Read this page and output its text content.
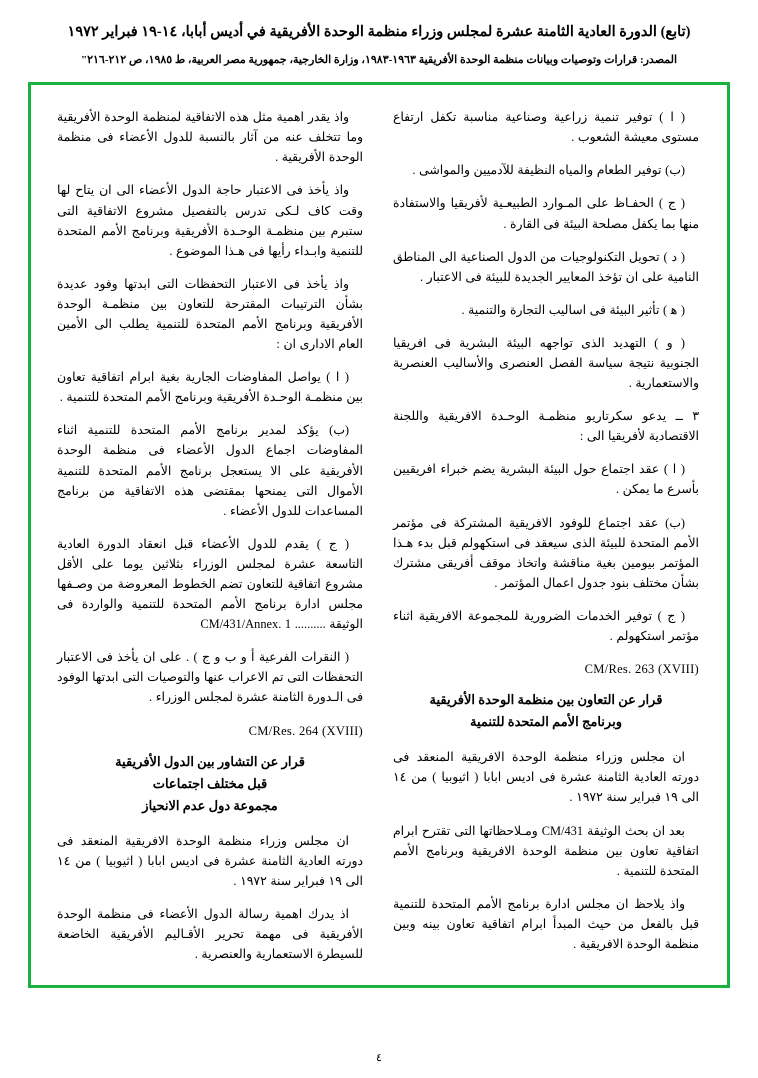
(تابع) الدورة العادية الثامنة عشرة لمجلس وزراء منظمة الوحدة الأفريقية في أديس أبابا، ١٤-١٩ فبراير ١٩٧٢
المصدر: قرارات وتوصيات وبيانات منظمة الوحدة الأفريقية ١٩٦٣-١٩٨٣، وزارة الخارجية، جمهورية مصر العربية، ط ١٩٨٥، ص ٢١٢-٢١٦"

( ا ) توفير تنمية زراعية وصناعية مناسبة تكفل ارتفاع مستوى معيشة الشعوب .

(ب) توفير الطعام والمياه النظيفة للآدميين والمواشى .

( ج ) الحفـاظ على المـوارد الطبيعـية لأفريقيا والاستفادة منها بما يكفل مصلحة البيئة فى القارة .

( د ) تحويل التكنولوجيات من الدول الصناعية الى المناطق النامية على ان تؤخذ المعايير الجديدة للبيئة فى الاعتبار .

( ﻫ ) تأثير البيئة فى اساليب التجارة والتنمية .

( و ) التهديد الذى تواجهه البيئة البشرية فى افريقيا الجنوبية نتيجة سياسة الفصل العنصرى والأساليب العنصرية والاستعمارية .

٣ ــ يدعو سكرتاريو منظمـة الوحـدة الافريقية واللجنة الاقتصادية لأفريقيا الى :

( ا ) عقد اجتماع حول البيئة البشرية يضم خبراء افريقيين بأسرع ما يمكن .

(ب) عقد اجتماع للوفود الافريقية المشتركة فى مؤتمر الأمم المتحدة للبيئة الذى سيعقد فى استكهولم قبل بدء هـذا المؤتمر بيومين بغية مناقشة واتخاذ موقف أفريقى مشترك بشأن مختلف بنود جدول اعمال المؤتمر .

( ج ) توفير الخدمات الضرورية للمجموعة الافريقية اثناء مؤتمر استكهولم .

CM/Res. 263 (XVIII)
قرار عن التعاون بين منظمة الوحدة الأفريقية
وبرنامج الأمم المتحدة للتنمية

ان مجلس وزراء منظمة الوحدة الافريقية المنعقد فى دورته العادية الثامنة عشرة فى اديس ابابا ( اثيوبيا ) من ١٤ الى ١٩ فبراير سنة ١٩٧٢ .

بعد ان بحث الوثيقة CM/431 ومـلاحظاتها التى تقترح ابرام اتفاقية تعاون بين منظمة الوحدة الافريقية وبرنامج الأمم المتحدة للتنمية .

واذ يلاحظ ان مجلس ادارة برنامج الأمم المتحدة للتنمية قبل بالفعل من حيث المبدأ ابرام اتفاقية تعاون بينه وبين منظمة الوحدة الافريقية .

واذ يقدر اهمية مثل هذه الاتفاقية لمنظمة الوحدة الأفريقية وما تتخلف عنه من آثار بالنسبة للدول الأعضاء فى منظمة الوحدة الأفريقية .

واذ يأخذ فى الاعتبار حاجة الدول الأعضاء الى ان يتاح لها وقت كاف لـكى تدرس بالتفصيل مشروع الاتفاقية التى ستبرم بين منظمـة الوحـدة الأفريقية وبرنامج الأمم المتحدة للتنمية وابـداء رأيها فى هـذا الموضوع .

واذ يأخذ فى الاعتبار التحفظات التى ابدتها وفود عديدة بشأن الترتيبات المقترحة للتعاون بين منظمـة الوحدة الأفريقية وبرنامج الأمم المتحدة للتنمية يطلب الى الأمين العام الادارى ان :

( ا ) يواصل المفاوضات الجارية بغية ابرام اتفاقية تعاون بين منظمـة الوحـدة الأفريقية وبرنامج الأمم المتحدة للتنمية .

(ب) يؤكد لمدير برنامج الأمم المتحدة للتنمية اثناء المفاوضات اجماع الدول الأعضاء فى منظمة الوحدة الأفريقية على الا يستعجل برنامج الأمم المتحدة للتنمية الأموال التى يمنحها بمقتضى هذه الاتفاقية من برنامج المساعدات للدول الأعضاء .

( ج ) يقدم للدول الأعضاء قبل انعقاد الدورة العادية التاسعة عشرة لمجلس الوزراء بثلاثين يوما على الأقل مشروع اتفاقية للتعاون تضم الخطوط المعروضة من وصـفها مجلس ادارة برنامج الأمم المتحدة للتنمية والواردة فى الوثيقة .......... CM/431/Annex. 1

( النقرات الفرعية أ و ب و ج ) . على ان يأخذ فى الاعتبار التحفظات التى تم الاعراب عنها والتوصيات التى ابدتها الوفود فى الـدورة الثامنة عشرة لمجلس الوزراء .

CM/Res. 264 (XVIII)
قرار عن التشاور بين الدول الأفريقية
قبل مختلف اجتماعات
مجموعة دول عدم الانحياز

ان مجلس وزراء منظمة الوحدة الافريقية المنعقد فى دورته العادية الثامنة عشرة فى اديس ابابا ( اثيوبيا ) من ١٤ الى ١٩ فبراير سنة ١٩٧٢ .

اذ يدرك اهمية رسالة الدول الأعضاء فى منظمة الوحدة الأفريقية فى مهمة تحرير الأقـاليم الأفريقية الخاضعة للسيطرة الاستعمارية والعنصرية .

٤
